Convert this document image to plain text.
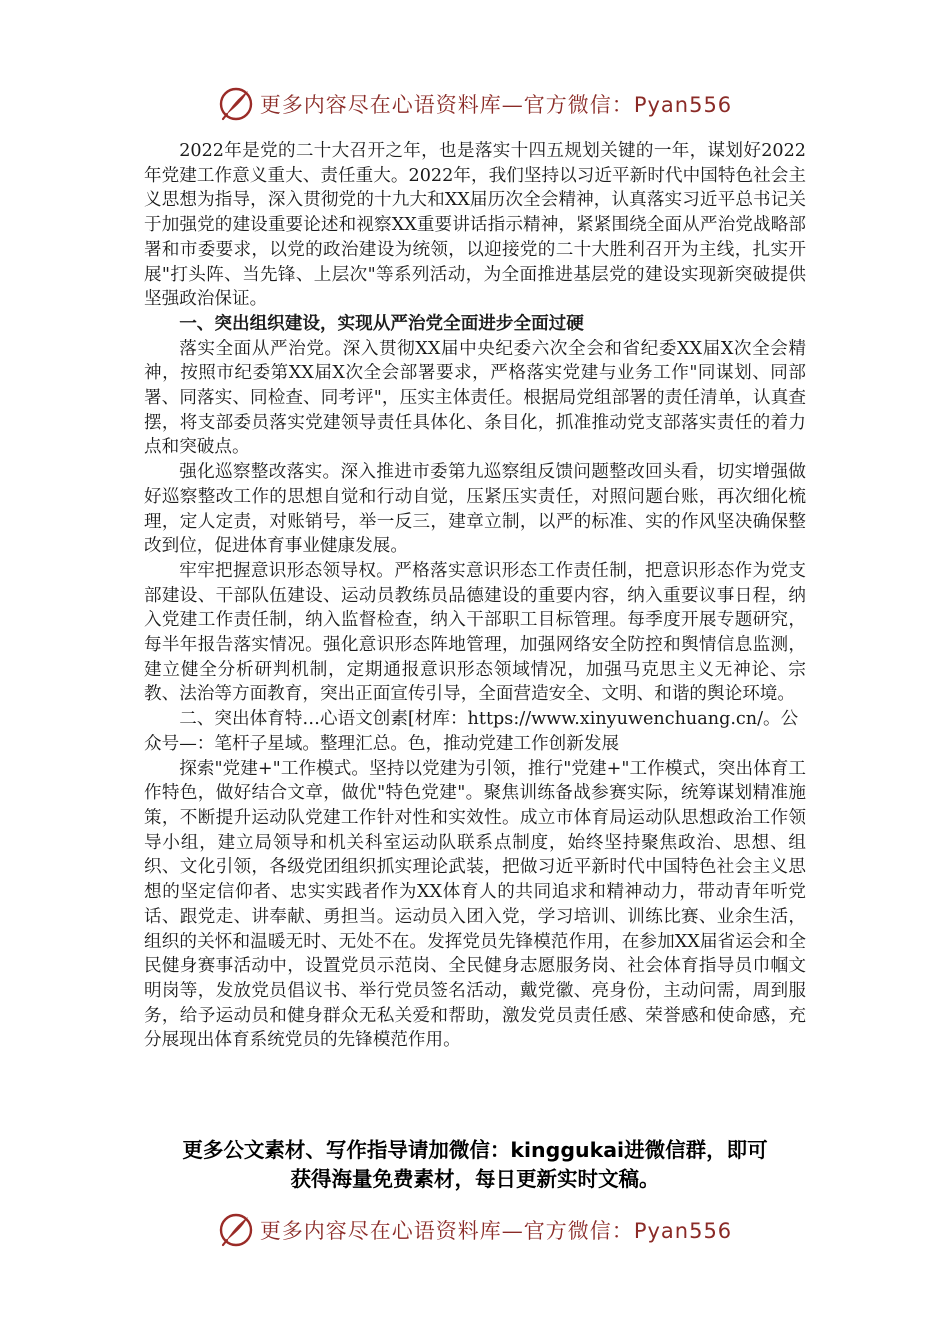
更多内容尽在心语资料库—官方微信：Pyan556

2022年是党的二十大召开之年，也是落实十四五规划关键的一年，谋划好2022年党建工作意义重大、责任重大。2022年，我们坚持以习近平新时代中国特色社会主义思想为指导，深入贯彻党的十九大和XX届历次全会精神，认真落实习近平总书记关于加强党的建设重要论述和视察XX重要讲话指示精神，紧紧围绕全面从严治党战略部署和市委要求，以党的政治建设为统领，以迎接党的二十大胜利召开为主线，扎实开展"打头阵、当先锋、上层次"等系列活动，为全面推进基层党的建设实现新突破提供坚强政治保证。

一、突出组织建设，实现从严治党全面进步全面过硬

落实全面从严治党。深入贯彻XX届中央纪委六次全会和省纪委XX届X次全会精神，按照市纪委第XX届X次全会部署要求，严格落实党建与业务工作"同谋划、同部署、同落实、同检查、同考评"，压实主体责任。根据局党组部署的责任清单，认真查摆，将支部委员落实党建领导责任具体化、条目化，抓准推动党支部落实责任的着力点和突破点。

强化巡察整改落实。深入推进市委第九巡察组反馈问题整改回头看，切实增强做好巡察整改工作的思想自觉和行动自觉，压紧压实责任，对照问题台账，再次细化梳理，定人定责，对账销号，举一反三，建章立制，以严的标准、实的作风坚决确保整改到位，促进体育事业健康发展。

牢牢把握意识形态领导权。严格落实意识形态工作责任制，把意识形态作为党支部建设、干部队伍建设、运动员教练员品德建设的重要内容，纳入重要议事日程，纳入党建工作责任制，纳入监督检查，纳入干部职工目标管理。每季度开展专题研究，每半年报告落实情况。强化意识形态阵地管理，加强网络安全防控和舆情信息监测，建立健全分析研判机制，定期通报意识形态领域情况，加强马克思主义无神论、宗教、法治等方面教育，突出正面宣传引导，全面营造安全、文明、和谐的舆论环境。

二、突出体育特…心语文创素[材库：https://www.xinyuwenchuang.cn/。公众号—：笔杆子星域。整理汇总。色，推动党建工作创新发展

探索"党建+"工作模式。坚持以党建为引领，推行"党建+"工作模式，突出体育工作特色，做好结合文章，做优"特色党建"。聚焦训练备战参赛实际，统筹谋划精准施策，不断提升运动队党建工作针对性和实效性。成立市体育局运动队思想政治工作领导小组，建立局领导和机关科室运动队联系点制度，始终坚持聚焦政治、思想、组织、文化引领，各级党团组织抓实理论武装，把做习近平新时代中国特色社会主义思想的坚定信仰者、忠实实践者作为XX体育人的共同追求和精神动力，带动青年听党话、跟党走、讲奉献、勇担当。运动员入团入党，学习培训、训练比赛、业余生活，组织的关怀和温暖无时、无处不在。发挥党员先锋模范作用，在参加XX届省运会和全民健身赛事活动中，设置党员示范岗、全民健身志愿服务岗、社会体育指导员巾帼文明岗等，发放党员倡议书、举行党员签名活动，戴党徽、亮身份，主动问需，周到服务，给予运动员和健身群众无私关爱和帮助，激发党员责任感、荣誉感和使命感，充分展现出体育系统党员的先锋模范作用。

更多公文素材、写作指导请加微信：kinggukai进微信群，即可
获得海量免费素材，每日更新实时文稿。
更多内容尽在心语资料库—官方微信：Pyan556
